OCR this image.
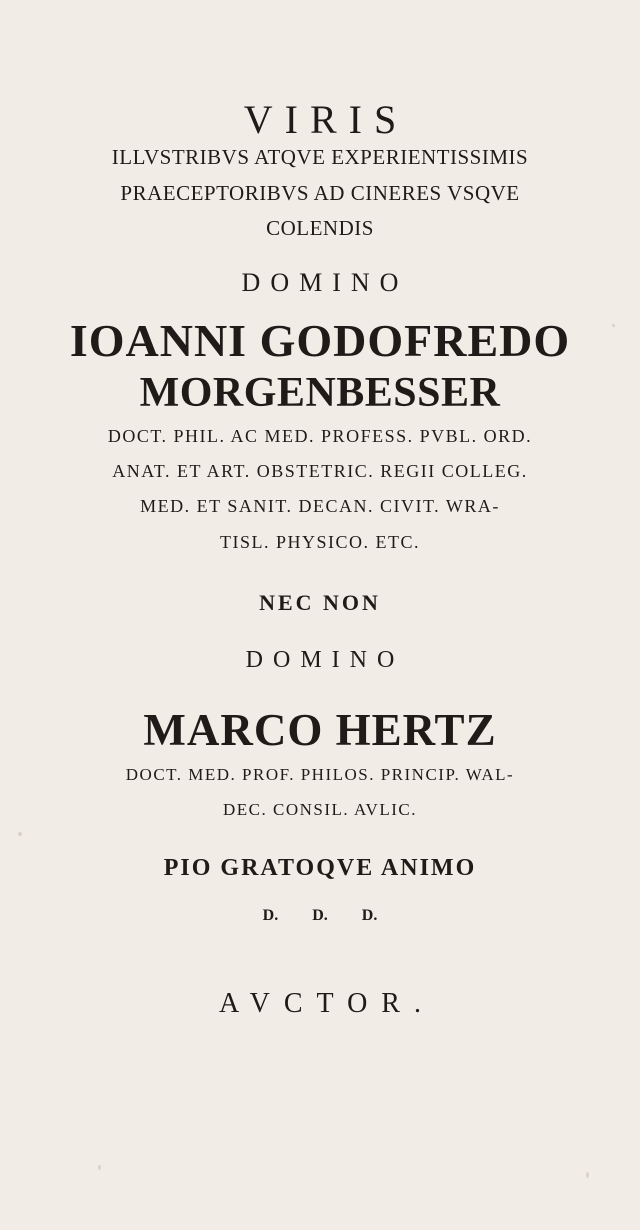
VIRIS
ILLVSTRIBVS ATQVE EXPERIENTISSIMIS
PRAECEPTORIBVS AD CINERES VSQVE
COLENDIS
DOMINO
IOANNI GODOFREDO
MORGENBESSER
DOCT. PHIL. AC MED. PROFESS. PVBL. ORD.
ANAT. ET ART. OBSTETRIC. REGII COLLEG.
MED. ET SANIT. DECAN. CIVIT. WRA-
TISL. PHYSICO. ETC.
NEC NON
DOMINO
MARCO HERTZ
DOCT. MED. PROF. PHILOS. PRINCIP. WAL-
DEC. CONSIL. AVLIC.
PIO GRATOQVE ANIMO
D. D. D.
AVCTOR.
